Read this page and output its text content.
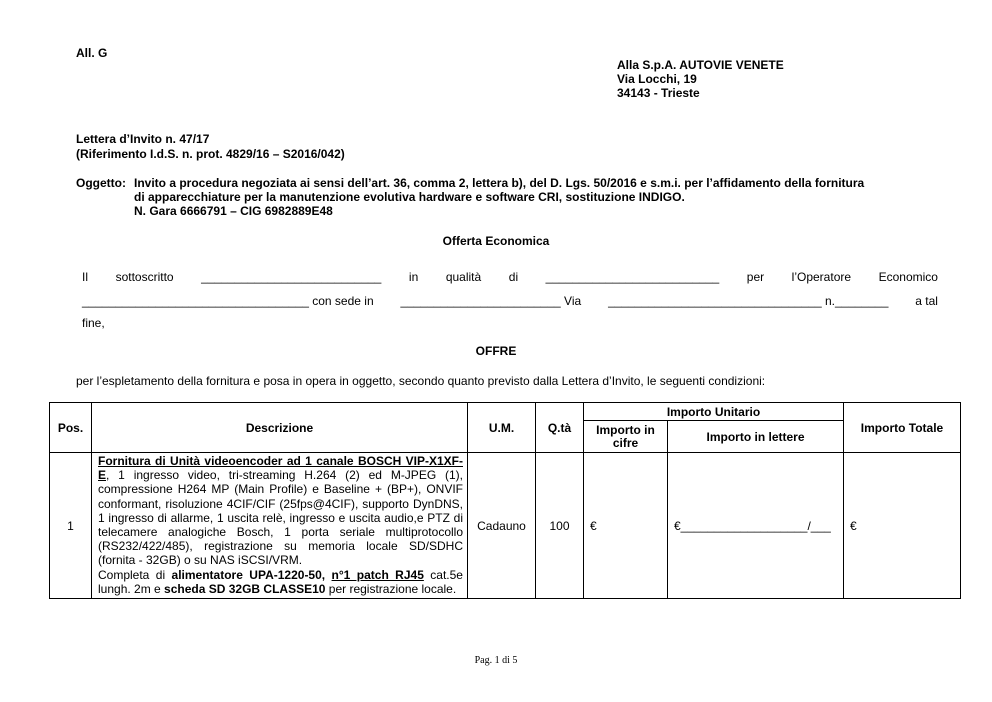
All. G
Alla S.p.A. AUTOVIE VENETE
Via Locchi, 19
34143 - Trieste
Lettera d’Invito n. 47/17
(Riferimento I.d.S. n. prot. 4829/16 – S2016/042)
Oggetto: Invito a procedura negoziata ai sensi dell’art. 36, comma 2, lettera b), del D. Lgs. 50/2016 e s.m.i. per l’affidamento della fornitura
di apparecchiature per la manutenzione evolutiva hardware e software CRI, sostituzione INDIGO.
N. Gara 6666791 – CIG 6982889E48
Offerta Economica
Il sottoscritto ___________________________ in qualità di __________________________ per l’Operatore Economico
__________________________________ con sede in ________________________ Via ________________________________ n.________ a tal
fine,
OFFRE
per l’espletamento della fornitura e posa in opera in oggetto, secondo quanto previsto dalla Lettera d’Invito, le seguenti condizioni:
Pos.	Descrizione	U.M.	Q.tà	Importo Unitario		Importo Totale
				Importo in cifre	Importo in lettere	
1	Fornitura di Unità videoencoder ad 1 canale BOSCH VIP-X1XF-E, 1 ingresso video, tri-streaming H.264 (2) ed M-JPEG (1), compressione H264 MP (Main Profile) e Baseline + (BP+), ONVIF conformant, risoluzione 4CIF/CIF (25fps@4CIF), supporto DynDNS, 1 ingresso di allarme, 1 uscita relè, ingresso e uscita audio,e PTZ di telecamere analogiche Bosch, 1 porta seriale multiprotocollo (RS232/422/485), registrazione su memoria locale SD/SDHC (fornita - 32GB) o su NAS iSCSI/VRM.
Completa di alimentatore UPA-1220-50, n°1 patch RJ45 cat.5e lungh. 2m e scheda SD 32GB CLASSE10 per registrazione locale.	Cadauno	100	€	€___________________/___	€
Pag. 1 di 5
